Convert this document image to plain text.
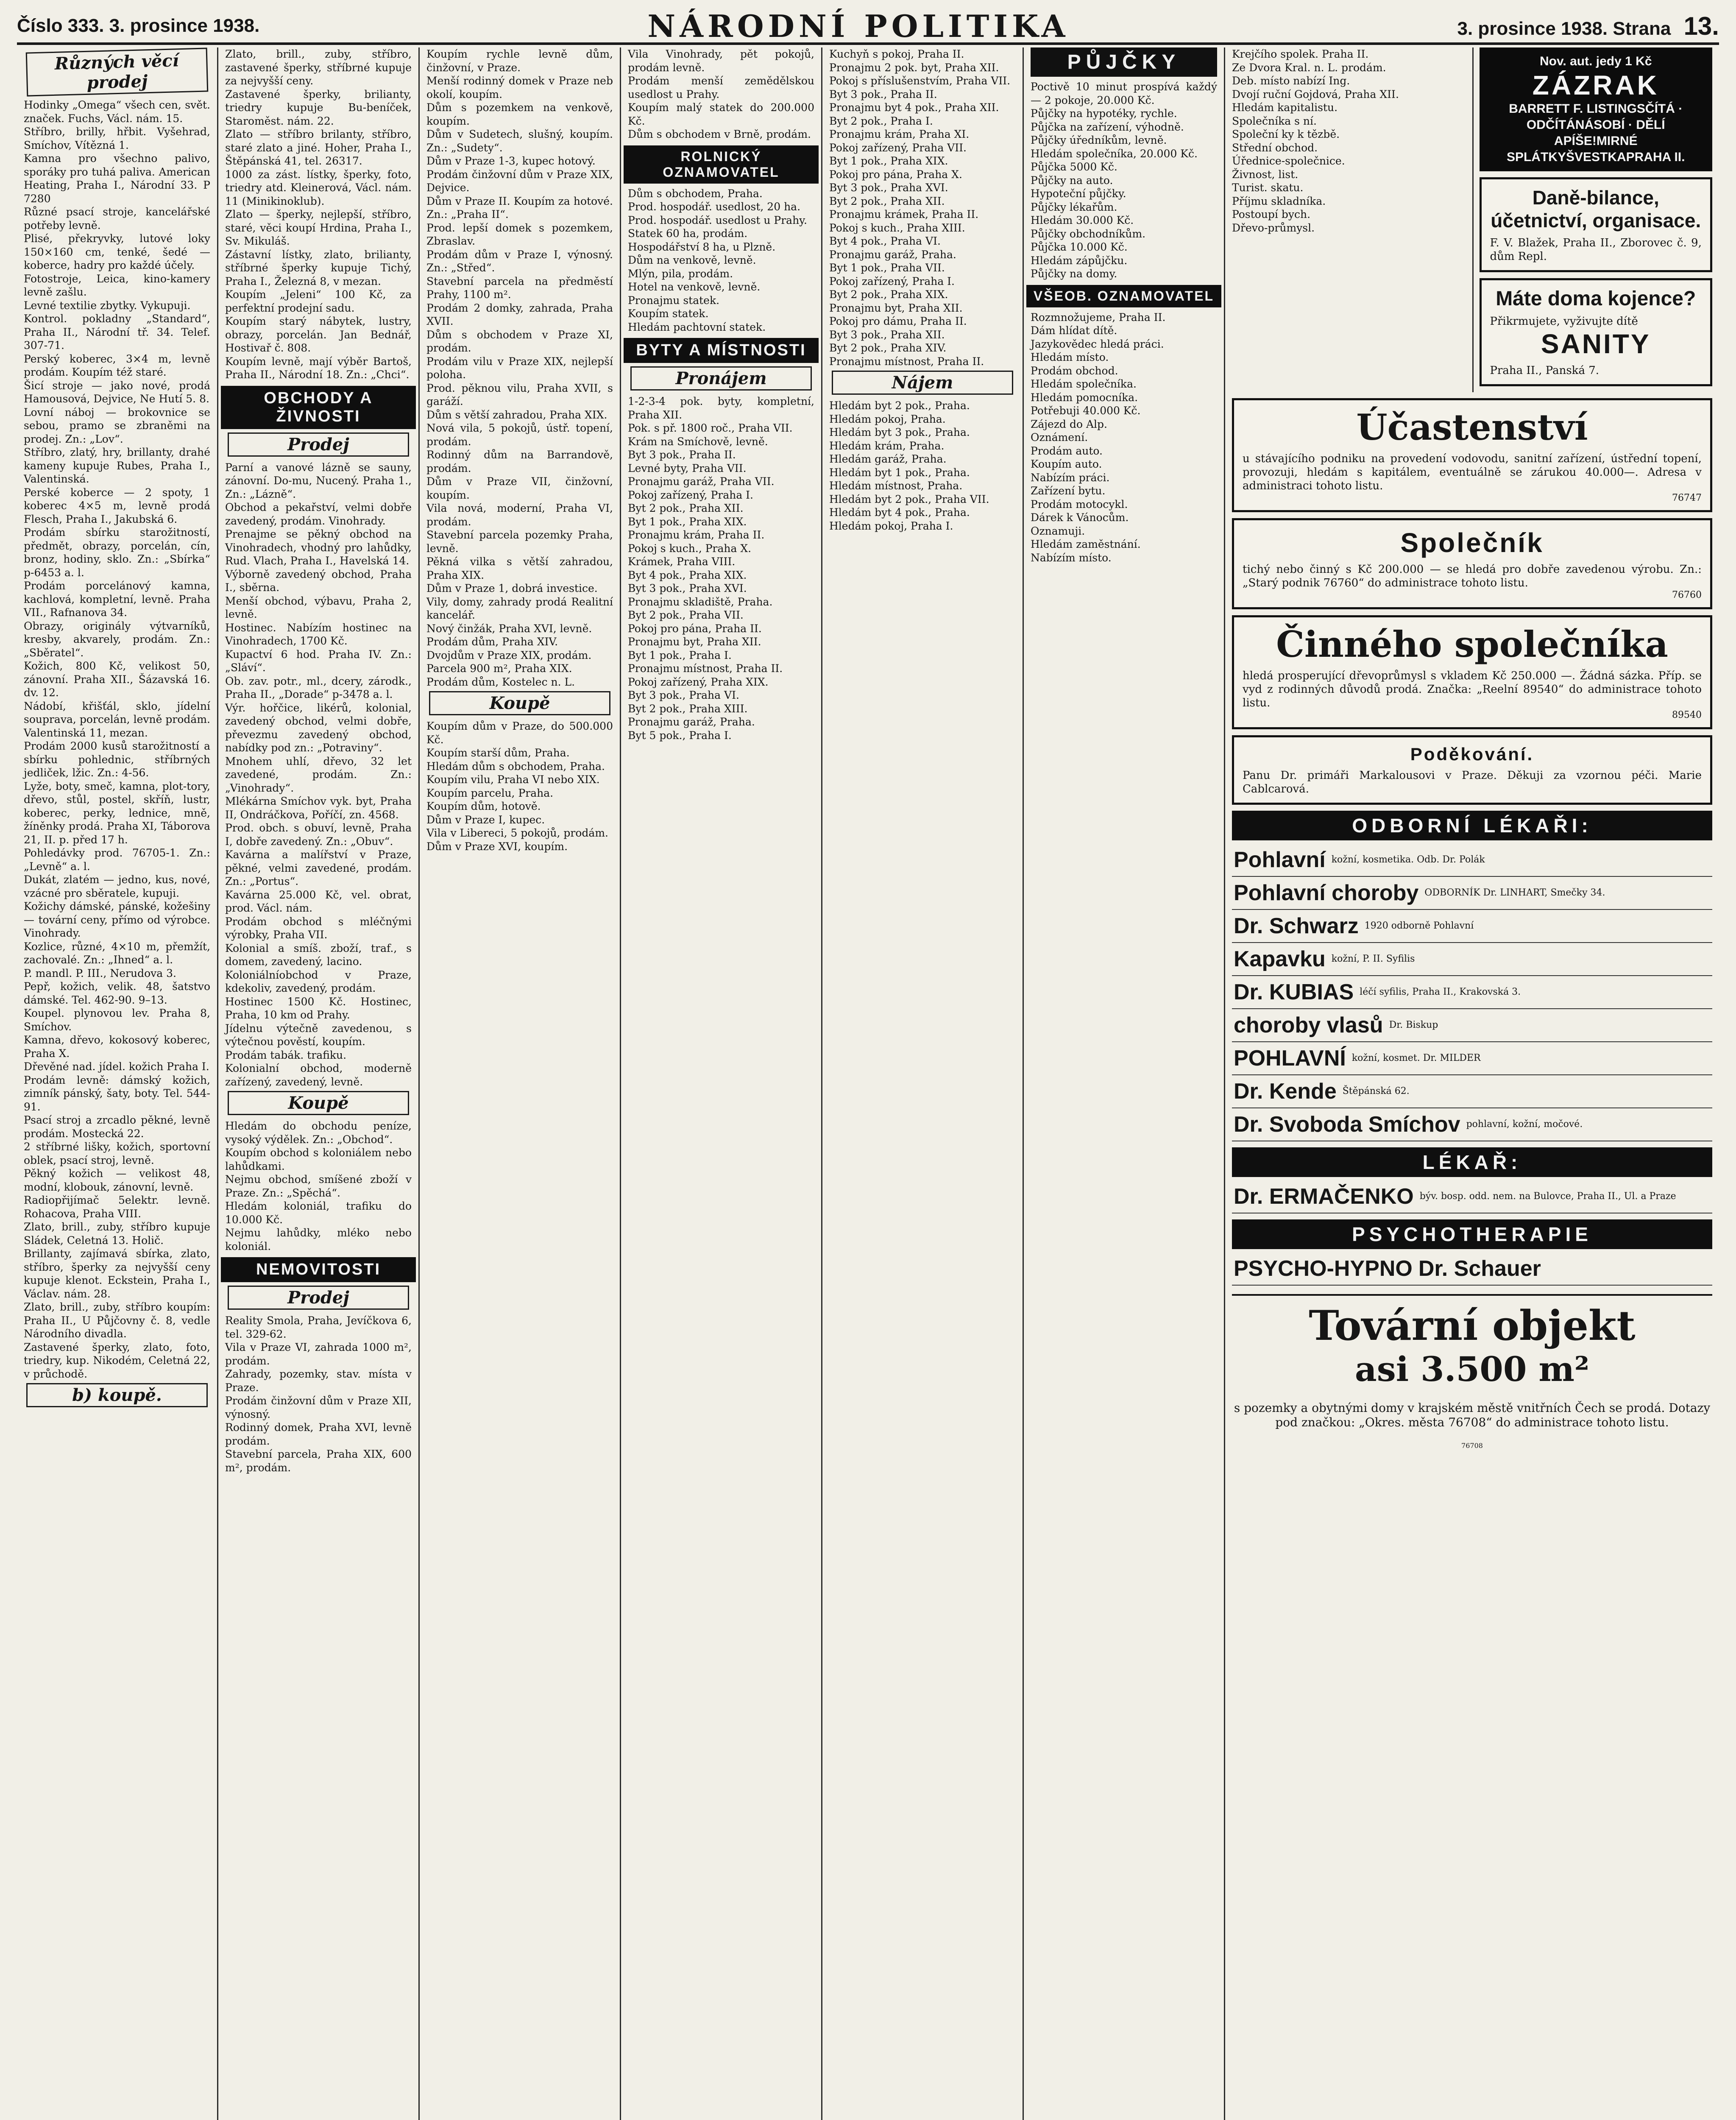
Číslo 333. 3. prosince 1938.	NÁRODNÍ POLITIKA	3. prosince 1938. Strana 13.
Různých věcí prodej
Hodinky „Omega“ všech cen, svět. značek. Fuchs, Václ. nám. 15.
Stříbro, brilly, hřbit. Vyšehrad, Smíchov, Vítězná 1.
Kamna pro všechno palivo, sporáky pro tuhá paliva. American Heating, Praha I., Národní 33. P 7280
Různé psací stroje, kancelářské potřeby levně.
Plisé, překryvky, lutové loky 150×160 cm, tenké, šedé — koberce, hadry pro každé účely.
Fotostroje, Leica, kino-kamery levně zašlu.
Levné textilie zbytky. Vykupuji.
Kontrol. pokladny „Standard“, Praha II., Národní tř. 34. Telef. 307-71.
Perský koberec, 3×4 m, levně prodám. Koupím též staré.
Šicí stroje — jako nové, prodá Hamousová, Dejvice, Ne Hutí 5. 8.
Lovní náboj — brokovnice se sebou, pramo se zbraněmi na prodej. Zn.: „Lov“.
Stříbro, zlatý, hry, brillanty, drahé kameny kupuje Rubes, Praha I., Valentinská.
Perské koberce — 2 spoty, 1 koberec 4×5 m, levně prodá Flesch, Praha I., Jakubská 6.
Prodám sbírku starožitností, předmět, obrazy, porcelán, cín, bronz, hodiny, sklo. Zn.: „Sbírka“ p-6453 a. l.
Prodám porcelánový kamna, kachlová, kompletní, levně. Praha VII., Rafnanova 34.
Obrazy, originály výtvarníků, kresby, akvarely, prodám. Zn.: „Sběratel“.
Kožich, 800 Kč, velikost 50, zánovní. Praha XII., Šázavská 16. dv. 12.
Nádobí, křišťál, sklo, jídelní souprava, porcelán, levně prodám. Valentinská 11, mezan.
Prodám 2000 kusů starožitností a sbírku pohlednic, stříbrných jedliček, lžic. Zn.: 4-56.
Lyže, boty, smeč, kamna, plot-tory, dřevo, stůl, postel, skříň, lustr, koberec, perky, lednice, mně, žíněnky prodá. Praha XI, Táborova 21, II. p. před 17 h.
Pohledávky prod. 76705-1. Zn.: „Levně“ a. l.
Dukát, zlatém — jedno, kus, nové, vzácné pro sběratele, kupuji.
Kožichy dámské, pánské, kožešiny — tovární ceny, přímo od výrobce. Vinohrady.
Kozlice, různé, 4×10 m, přemžít, zachovalé. Zn.: „Ihned“ a. l.
P. mandl. P. III., Nerudova 3.
Pepř, kožich, velik. 48, šatstvo dámské. Tel. 462-90. 9–13.
Koupel. plynovou lev. Praha 8, Smíchov.
Kamna, dřevo, kokosový koberec, Praha X.
Dřevěné nad. jídel. kožich Praha I.
Prodám levně: dámský kožich, zimník pánský, šaty, boty. Tel. 544-91.
Psací stroj a zrcadlo pěkné, levně prodám. Mostecká 22.
2 stříbrné lišky, kožich, sportovní oblek, psací stroj, levně.
Pěkný kožich — velikost 48, modní, klobouk, zánovní, levně.
Radiopřijímač 5elektr. levně. Rohacova, Praha VIII.
Zlato, brill., zuby, stříbro kupuje Sládek, Celetná 13. Holič.
Brillanty, zajímavá sbírka, zlato, stříbro, šperky za nejvyšší ceny kupuje klenot. Eckstein, Praha I., Václav. nám. 28.
Zlato, brill., zuby, stříbro koupím: Praha II., U Půjčovny č. 8, vedle Národního divadla.
Zastavené šperky, zlato, foto, triedry, kup. Nikodém, Celetná 22, v průchodě.
b) koupě.
Zlato, brill., zuby, stříbro, zastavené šperky, stříbrné kupuje za nejvyšší ceny.
Zastavené šperky, brilianty, triedry kupuje Bu-beníček, Staroměst. nám. 22.
Zlato — stříbro brilanty, stříbro, staré zlato a jiné. Hoher, Praha I., Štěpánská 41, tel. 26317.
1000 za zást. lístky, šperky, foto, triedry atd. Kleinerová, Václ. nám. 11 (Minikinoklub).
Zlato — šperky, nejlepší, stříbro, staré, věci koupí Hrdina, Praha I., Sv. Mikuláš.
Zástavní lístky, zlato, brilianty, stříbrné šperky kupuje Tichý, Praha I., Železná 8, v mezan.
Koupím „Jeleni“ 100 Kč, za perfektní prodejní sadu.
Koupím starý nábytek, lustry, obrazy, porcelán. Jan Bednář, Hostivař č. 808.
Koupím levně, mají výběr Bartoš, Praha II., Národní 18. Zn.: „Chci“.
OBCHODY A ŽIVNOSTI
Prodej
Parní a vanové lázně se sauny, zánovní. Do-mu, Nucený. Praha 1., Zn.: „Lázně“.
Obchod a pekařství, velmi dobře zavedený, prodám. Vinohrady.
Prenajme se pěkný obchod na Vinohradech, vhodný pro lahůdky, Rud. Vlach, Praha I., Havelská 14.
Výborně zavedený obchod, Praha I., sběrna.
Menší obchod, výbavu, Praha 2, levně.
Hostinec. Nabízím hostinec na Vinohradech, 1700 Kč.
Kupactví 6 hod. Praha IV. Zn.: „Sláví“.
Ob. zav. potr., ml., dcery, zárodk., Praha II., „Dorade“ p-3478 a. l.
Výr. hořčice, likérů, kolonial, zavedený obchod, velmi dobře, převezmu zavedený obchod, nabídky pod zn.: „Potraviny“.
Mnohem uhlí, dřevo, 32 let zavedené, prodám. Zn.: „Vinohrady“.
Mlékárna Smíchov vyk. byt, Praha II, Ondráčkova, Poříčí, zn. 4568.
Prod. obch. s obuví, levně, Praha I, dobře zavedený. Zn.: „Obuv“.
Kavárna a malířství v Praze, pěkné, velmi zavedené, prodám. Zn.: „Portus“.
Kavárna 25.000 Kč, vel. obrat, prod. Václ. nám.
Prodám obchod s mléčnými výrobky, Praha VII.
Kolonial a smíš. zboží, traf., s domem, zavedený, lacino.
Koloniálníobchod v Praze, kdekoliv, zavedený, prodám.
Hostinec 1500 Kč. Hostinec, Praha, 10 km od Prahy.
Jídelnu výtečně zavedenou, s výtečnou pověstí, koupím.
Prodám tabák. trafiku.
Kolonialní obchod, moderně zařízený, zavedený, levně.
Koupě
Hledám do obchodu peníze, vysoký výdělek. Zn.: „Obchod“.
Koupím obchod s koloniálem nebo lahůdkami.
Nejmu obchod, smíšené zboží v Praze. Zn.: „Spěchá“.
Hledám koloniál, trafiku do 10.000 Kč.
Nejmu lahůdky, mléko nebo koloniál.
NEMOVITOSTI
Prodej
Reality Smola, Praha, Jevíčkova 6, tel. 329-62.
Vila v Praze VI, zahrada 1000 m², prodám.
Zahrady, pozemky, stav. místa v Praze.
Prodám činžovní dům v Praze XII, výnosný.
Rodinný domek, Praha XVI, levně prodám.
Stavební parcela, Praha XIX, 600 m², prodám.
Koupím rychle levně dům, činžovní, v Praze.
Menší rodinný domek v Praze neb okolí, koupím.
Dům s pozemkem na venkově, koupím.
Dům v Sudetech, slušný, koupím. Zn.: „Sudety“.
Dům v Praze 1-3, kupec hotový.
Prodám činžovní dům v Praze XIX, Dejvice.
Dům v Praze II. Koupím za hotové. Zn.: „Praha II“.
Prod. lepší domek s pozemkem, Zbraslav.
Prodám dům v Praze I, výnosný. Zn.: „Střed“.
Stavební parcela na předměstí Prahy, 1100 m².
Prodám 2 domky, zahrada, Praha XVII.
Dům s obchodem v Praze XI, prodám.
Prodám vilu v Praze XIX, nejlepší poloha.
Prod. pěknou vilu, Praha XVII, s garáží.
Dům s větší zahradou, Praha XIX.
Nová vila, 5 pokojů, ústř. topení, prodám.
Rodinný dům na Barrandově, prodám.
Dům v Praze VII, činžovní, koupím.
Vila nová, moderní, Praha VI, prodám.
Stavební parcela pozemky Praha, levně.
Pěkná vilka s větší zahradou, Praha XIX.
Dům v Praze 1, dobrá investice.
Vily, domy, zahrady prodá Realitní kancelář.
Nový činžák, Praha XVI, levně.
Prodám dům, Praha XIV.
Dvojdům v Praze XIX, prodám.
Parcela 900 m², Praha XIX.
Prodám dům, Kostelec n. L.
Koupě
Koupím dům v Praze, do 500.000 Kč.
Koupím starší dům, Praha.
Hledám dům s obchodem, Praha.
Koupím vilu, Praha VI nebo XIX.
Koupím parcelu, Praha.
Koupím dům, hotově.
Dům v Praze I, kupec.
Vila v Libereci, 5 pokojů, prodám.
Dům v Praze XVI, koupím.
Vila Vinohrady, pět pokojů, prodám levně.
Prodám menší zemědělskou usedlost u Prahy.
Koupím malý statek do 200.000 Kč.
Dům s obchodem v Brně, prodám.
ROLNICKÝ OZNAMOVATEL
Dům s obchodem, Praha.
Prod. hospodář. usedlost, 20 ha.
Prod. hospodář. usedlost u Prahy.
Statek 60 ha, prodám.
Hospodářství 8 ha, u Plzně.
Dům na venkově, levně.
Mlýn, pila, prodám.
Hotel na venkově, levně.
Pronajmu statek.
Koupím statek.
Hledám pachtovní statek.
BYTY A MÍSTNOSTI
Pronájem
1-2-3-4 pok. byty, kompletní, Praha XII.
Pok. s př. 1800 roč., Praha VII.
Krám na Smíchově, levně.
Byt 3 pok., Praha II.
Levné byty, Praha VII.
Pronajmu garáž, Praha VII.
Pokoj zařízený, Praha I.
Byt 2 pok., Praha XII.
Byt 1 pok., Praha XIX.
Pronajmu krám, Praha II.
Pokoj s kuch., Praha X.
Krámek, Praha VIII.
Byt 4 pok., Praha XIX.
Byt 3 pok., Praha XVI.
Pronajmu skladiště, Praha.
Byt 2 pok., Praha VII.
Pokoj pro pána, Praha II.
Pronajmu byt, Praha XII.
Byt 1 pok., Praha I.
Pronajmu místnost, Praha II.
Pokoj zařízený, Praha XIX.
Byt 3 pok., Praha VI.
Byt 2 pok., Praha XIII.
Pronajmu garáž, Praha.
Byt 5 pok., Praha I.
Kuchyň s pokoj, Praha II.
Pronajmu 2 pok. byt, Praha XII.
Pokoj s příslušenstvím, Praha VII.
Byt 3 pok., Praha II.
Pronajmu byt 4 pok., Praha XII.
Byt 2 pok., Praha I.
Pronajmu krám, Praha XI.
Pokoj zařízený, Praha VII.
Byt 1 pok., Praha XIX.
Pokoj pro pána, Praha X.
Byt 3 pok., Praha XVI.
Byt 2 pok., Praha XII.
Pronajmu krámek, Praha II.
Pokoj s kuch., Praha XIII.
Byt 4 pok., Praha VI.
Pronajmu garáž, Praha.
Byt 1 pok., Praha VII.
Pokoj zařízený, Praha I.
Byt 2 pok., Praha XIX.
Pronajmu byt, Praha XII.
Pokoj pro dámu, Praha II.
Byt 3 pok., Praha XII.
Byt 2 pok., Praha XIV.
Pronajmu místnost, Praha II.
Nájem
Hledám byt 2 pok., Praha.
Hledám pokoj, Praha.
Hledám byt 3 pok., Praha.
Hledám krám, Praha.
Hledám garáž, Praha.
Hledám byt 1 pok., Praha.
Hledám místnost, Praha.
Hledám byt 2 pok., Praha VII.
Hledám byt 4 pok., Praha.
Hledám pokoj, Praha I.
PŮJČKY
Poctivě 10 minut prospívá každý — 2 pokoje, 20.000 Kč.
Půjčky na hypotéky, rychle.
Půjčka na zařízení, výhodně.
Půjčky úředníkům, levně.
Hledám společníka, 20.000 Kč.
Půjčka 5000 Kč.
Půjčky na auto.
Hypoteční půjčky.
Půjčky lékařům.
Hledám 30.000 Kč.
Půjčky obchodníkům.
Půjčka 10.000 Kč.
Hledám zápůjčku.
Půjčky na domy.
VŠEOB. OZNAMOVATEL
Rozmnožujeme, Praha II.
Dám hlídat dítě.
Jazykovědec hledá práci.
Hledám místo.
Prodám obchod.
Hledám společníka.
Hledám pomocníka.
Potřebuji 40.000 Kč.
Zájezd do Alp.
Oznámení.
Prodám auto.
Koupím auto.
Nabízím práci.
Zařízení bytu.
Prodám motocykl.
Dárek k Vánocům.
Oznamuji.
Hledám zaměstnání.
Nabízím místo.
Krejčího spolek. Praha II.
Ze Dvora Kral. n. L. prodám.
Deb. místo nabízí Ing.
Dvojí ruční Gojdová, Praha XII.
Hledám kapitalistu.
Společníka s ní.
Společní ky k tězbě.
Střední obchod.
Úřednice-společnice.
Živnost, list.
Turist. skatu.
Příjmu skladníka.
Postoupí bych.
Dřevo-průmysl.
Nov. aut. jedy 1 Kč
ZÁZRAK
BARRETT F. LISTINGSČÍTÁ · ODČÍTÁNÁSOBÍ · DĚLÍ APÍŠE!MIRNÉ SPLÁTKYŠVESTKAPRAHA II.
Daně-bilance, účetnictví, organisace.

F. V. Blažek, Praha II., Zborovec č. 9, dům Repl.

Máte doma kojence?

Přikrmujete, vyživujte dítě

SANITY

Praha II., Panská 7.

Účastenství

u stávajícího podniku na provedení vodovodu, sanitní zařízení, ústřední topení, provozuji, hledám s kapitálem, eventuálně se zárukou 40.000—. Adresa v administraci tohoto listu.

76747
Společník

tichý nebo činný s Kč 200.000 — se hledá pro dobře zavedenou výrobu. Zn.: „Starý podnik 76760“ do administrace tohoto listu.

76760
Činného společníka

hledá prosperující dřevoprůmysl s vkladem Kč 250.000 —. Žádná sázka. Příp. se vyd z rodinných důvodů prodá. Značka: „Reelní 89540“ do administrace tohoto listu.

89540
Poděkování.

Panu Dr. primáři Markalousovi v Praze. Děkuji za vzornou péči. Marie Cablcarová.

ODBORNÍ LÉKAŘI:
Pohlavní kožní, kosmetika. Odb. Dr. Polák
Pohlavní choroby ODBORNÍK Dr. LINHART, Smečky 34.
Dr. Schwarz 1920 odborně Pohlavní
Kapavku kožní, P. II. Syfilis
Dr. KUBIAS léčí syfilis, Praha II., Krakovská 3.
choroby vlasů Dr. Biskup
POHLAVNÍ kožní, kosmet. Dr. MILDER
Dr. Kende Štěpánská 62.
Dr. Svoboda Smíchov pohlavní, kožní, močové.
LÉKAŘ:
Dr. ERMAČENKO býv. bosp. odd. nem. na Bulovce, Praha II., Ul. a Praze
PSYCHOTHERAPIE
PSYCHO-HYPNO Dr. Schauer
Tovární objekt
asi 3.500 m²

s pozemky a obytnými domy v krajském městě vnitřních Čech se prodá. Dotazy pod značkou: „Okres. města 76708“ do administrace tohoto listu.

76708
